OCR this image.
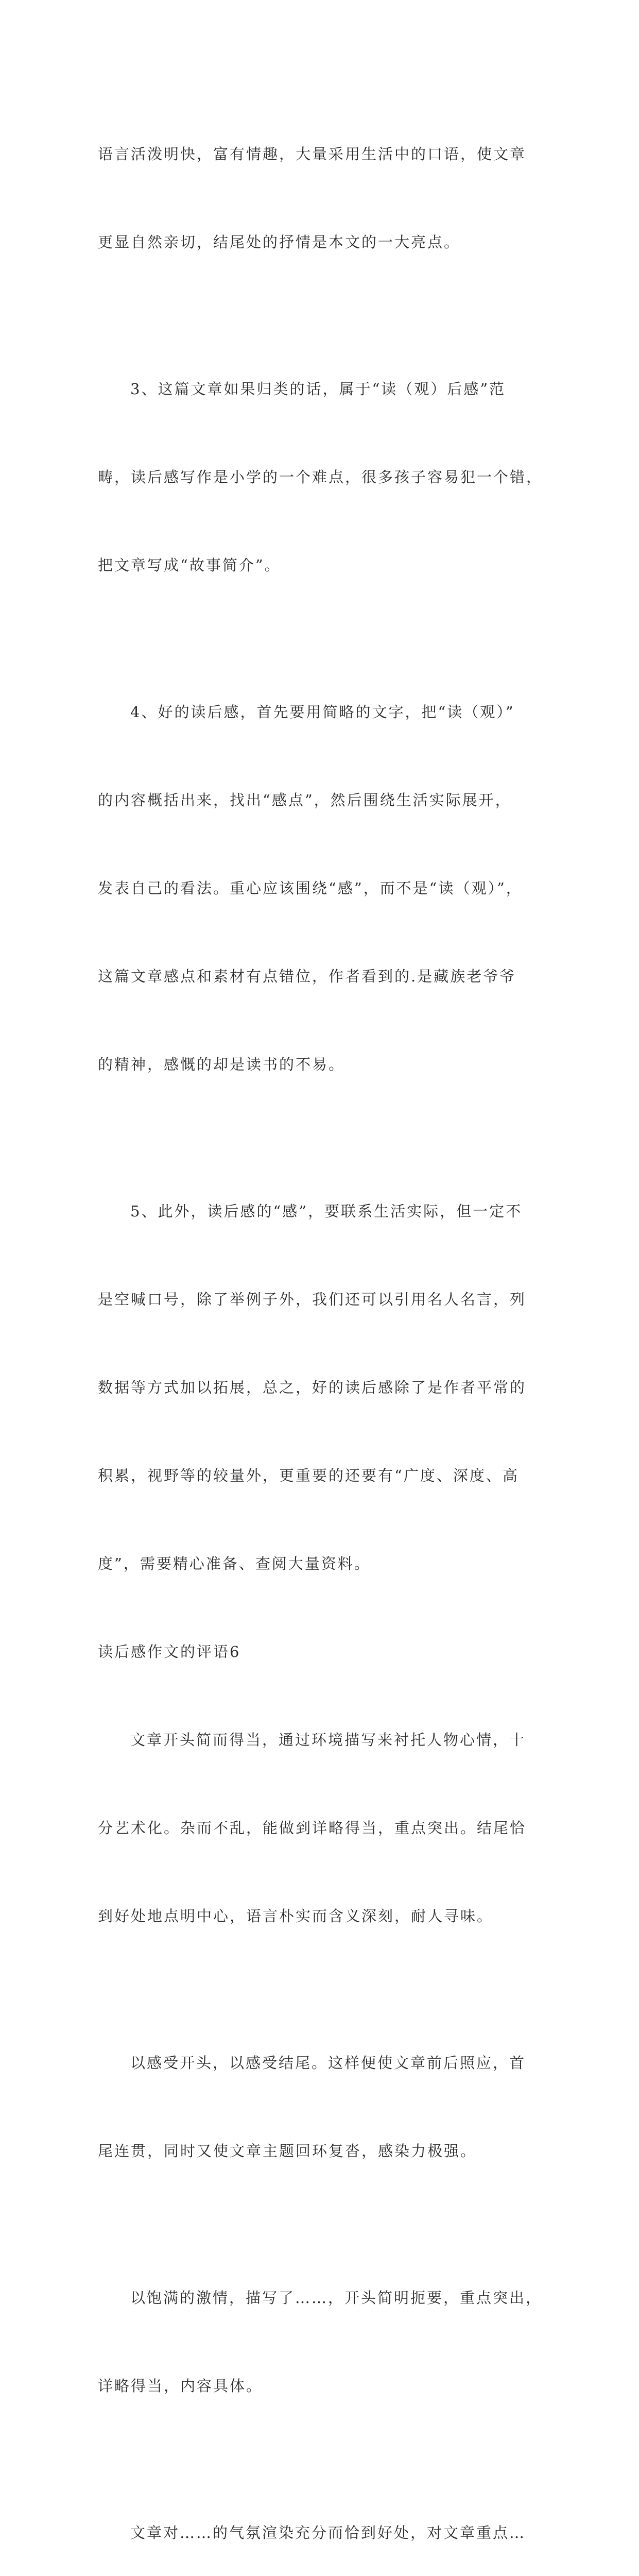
语言活泼明快，富有情趣，大量采用生活中的口语，使文章

更显自然亲切，结尾处的抒情是本文的一大亮点。

3、这篇文章如果归类的话，属于“读（观）后感”范

畴，读后感写作是小学的一个难点，很多孩子容易犯一个错，

把文章写成“故事简介”。

4、好的读后感，首先要用简略的文字，把“读（观）”

的内容概括出来，找出“感点”，然后围绕生活实际展开，

发表自己的看法。重心应该围绕“感”，而不是“读（观）”，

这篇文章感点和素材有点错位，作者看到的.是藏族老爷爷

的精神，感慨的却是读书的不易。

5、此外，读后感的“感”，要联系生活实际，但一定不

是空喊口号，除了举例子外，我们还可以引用名人名言，列

数据等方式加以拓展，总之，好的读后感除了是作者平常的

积累，视野等的较量外，更重要的还要有“广度、深度、高

度”，需要精心准备、查阅大量资料。

读后感作文的评语6

文章开头简而得当，通过环境描写来衬托人物心情，十

分艺术化。杂而不乱，能做到详略得当，重点突出。结尾恰

到好处地点明中心，语言朴实而含义深刻，耐人寻味。

以感受开头，以感受结尾。这样便使文章前后照应，首

尾连贯，同时又使文章主题回环复沓，感染力极强。

以饱满的激情，描写了……，开头简明扼要，重点突出，

详略得当，内容具体。

文章对……的气氛渲染充分而恰到好处，对文章重点…
